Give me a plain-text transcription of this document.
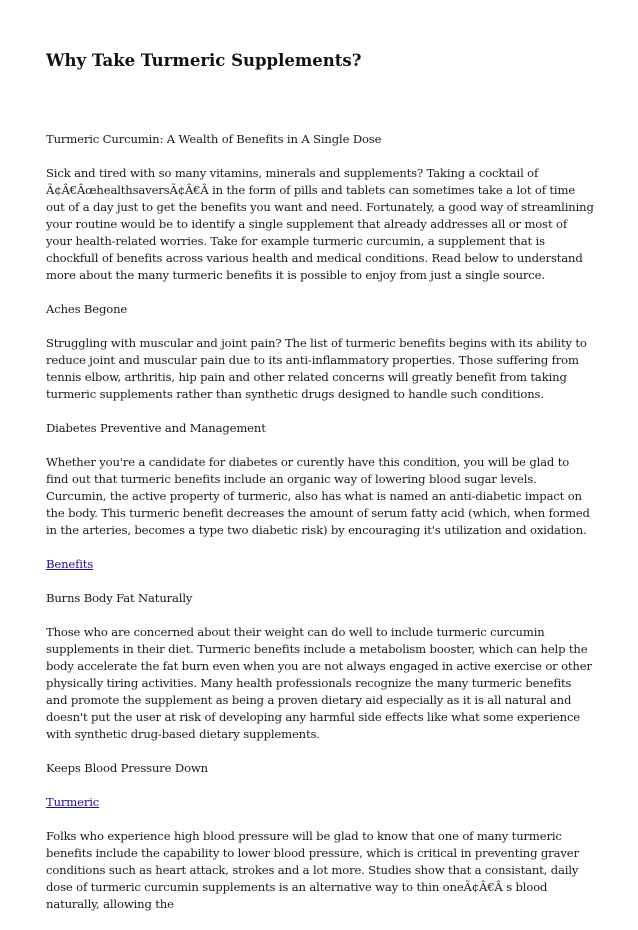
Why Take Turmeric Supplements?

Turmeric Curcumin: A Wealth of Benefits in A Single Dose

Sick and tired with so many vitamins, minerals and supplements? Taking a cocktail of Ã¢Â€ÂœhealthsaversÃ¢Â€Â in the form of pills and tablets can sometimes take a lot of time out of a day just to get the benefits you want and need. Fortunately, a good way of streamlining your routine would be to identify a single supplement that already addresses all or most of your health-related worries. Take for example turmeric curcumin, a supplement that is chockfull of benefits across various health and medical conditions. Read below to understand more about the many turmeric benefits it is possible to enjoy from just a single source.

Aches Begone

Struggling with muscular and joint pain? The list of turmeric benefits begins with its ability to reduce joint and muscular pain due to its anti-inflammatory properties. Those suffering from tennis elbow, arthritis, hip pain and other related concerns will greatly benefit from taking turmeric supplements rather than synthetic drugs designed to handle such conditions.

Diabetes Preventive and Management

Whether you're a candidate for diabetes or curently have this condition, you will be glad to find out that turmeric benefits include an organic way of lowering blood sugar levels. Curcumin, the active property of turmeric, also has what is named an anti-diabetic impact on the body. This turmeric benefit decreases the amount of serum fatty acid (which, when formed in the arteries, becomes a type two diabetic risk) by encouraging it's utilization and oxidation.

Benefits

Burns Body Fat Naturally

Those who are concerned about their weight can do well to include turmeric curcumin supplements in their diet. Turmeric benefits include a metabolism booster, which can help the body accelerate the fat burn even when you are not always engaged in active exercise or other physically tiring activities. Many health professionals recognize the many turmeric benefits and promote the supplement as being a proven dietary aid especially as it is all natural and doesn't put the user at risk of developing any harmful side effects like what some experience with synthetic drug-based dietary supplements.

Keeps Blood Pressure Down

Turmeric

Folks who experience high blood pressure will be glad to know that one of many turmeric benefits include the capability to lower blood pressure, which is critical in preventing graver conditions such as heart attack, strokes and a lot more. Studies show that a consistant, daily dose of turmeric curcumin supplements is an alternative way to thin oneÃ¢Â€Â s blood naturally, allowing the
